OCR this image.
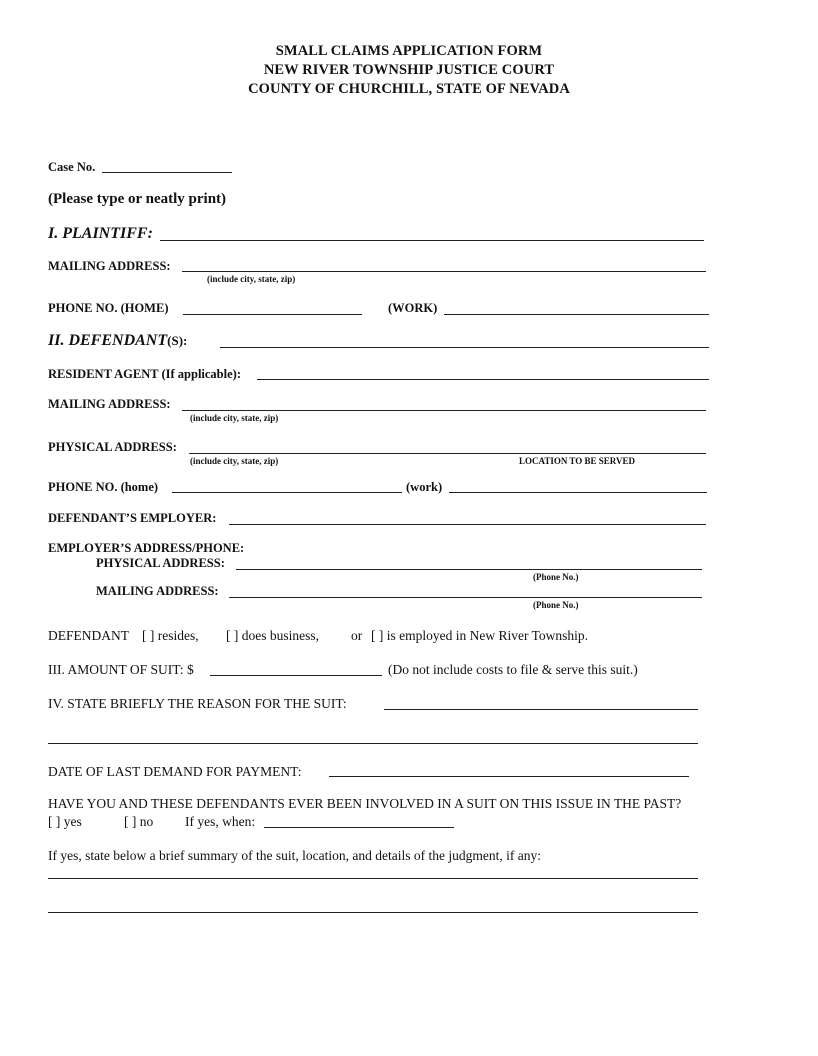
SMALL CLAIMS APPLICATION FORM
NEW RIVER TOWNSHIP JUSTICE COURT
COUNTY OF CHURCHILL, STATE OF NEVADA
Case No.
(Please type or neatly print)
I. PLAINTIFF:
MAILING ADDRESS:
(include city, state, zip)
PHONE NO. (HOME)	(WORK)
II. DEFENDANT(S):
RESIDENT AGENT (If applicable):
MAILING ADDRESS:
(include city, state, zip)
PHYSICAL ADDRESS:
(include city, state, zip)	LOCATION TO BE SERVED
PHONE NO. (home)	(work)
DEFENDANT’S EMPLOYER:
EMPLOYER’S ADDRESS/PHONE:
PHYSICAL ADDRESS:
(Phone No.)
MAILING ADDRESS:
(Phone No.)
DEFENDANT [ ] resides, [ ] does business, or [ ] is employed in New River Township.
III. AMOUNT OF SUIT: $	(Do not include costs to file & serve this suit.)
IV. STATE BRIEFLY THE REASON FOR THE SUIT:
DATE OF LAST DEMAND FOR PAYMENT:
HAVE YOU AND THESE DEFENDANTS EVER BEEN INVOLVED IN A SUIT ON THIS ISSUE IN THE PAST?
[ ] yes	[ ] no If yes, when:
If yes, state below a brief summary of the suit, location, and details of the judgment, if any:
